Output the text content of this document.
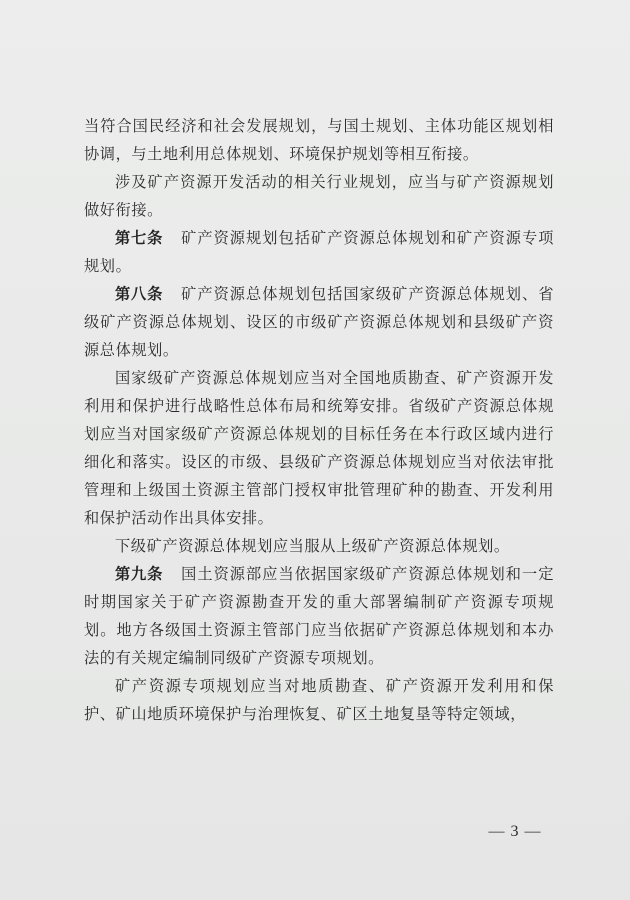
当符合国民经济和社会发展规划，与国土规划、主体功能区规划相协调，与土地利用总体规划、环境保护规划等相互衔接。

涉及矿产资源开发活动的相关行业规划，应当与矿产资源规划做好衔接。

第七条 矿产资源规划包括矿产资源总体规划和矿产资源专项规划。

第八条 矿产资源总体规划包括国家级矿产资源总体规划、省级矿产资源总体规划、设区的市级矿产资源总体规划和县级矿产资源总体规划。

国家级矿产资源总体规划应当对全国地质勘查、矿产资源开发利用和保护进行战略性总体布局和统筹安排。省级矿产资源总体规划应当对国家级矿产资源总体规划的目标任务在本行政区域内进行细化和落实。设区的市级、县级矿产资源总体规划应当对依法审批管理和上级国土资源主管部门授权审批管理矿种的勘查、开发利用和保护活动作出具体安排。

下级矿产资源总体规划应当服从上级矿产资源总体规划。

第九条 国土资源部应当依据国家级矿产资源总体规划和一定时期国家关于矿产资源勘查开发的重大部署编制矿产资源专项规划。地方各级国土资源主管部门应当依据矿产资源总体规划和本办法的有关规定编制同级矿产资源专项规划。

矿产资源专项规划应当对地质勘查、矿产资源开发利用和保护、矿山地质环境保护与治理恢复、矿区土地复垦等特定领域，

— 3 —
